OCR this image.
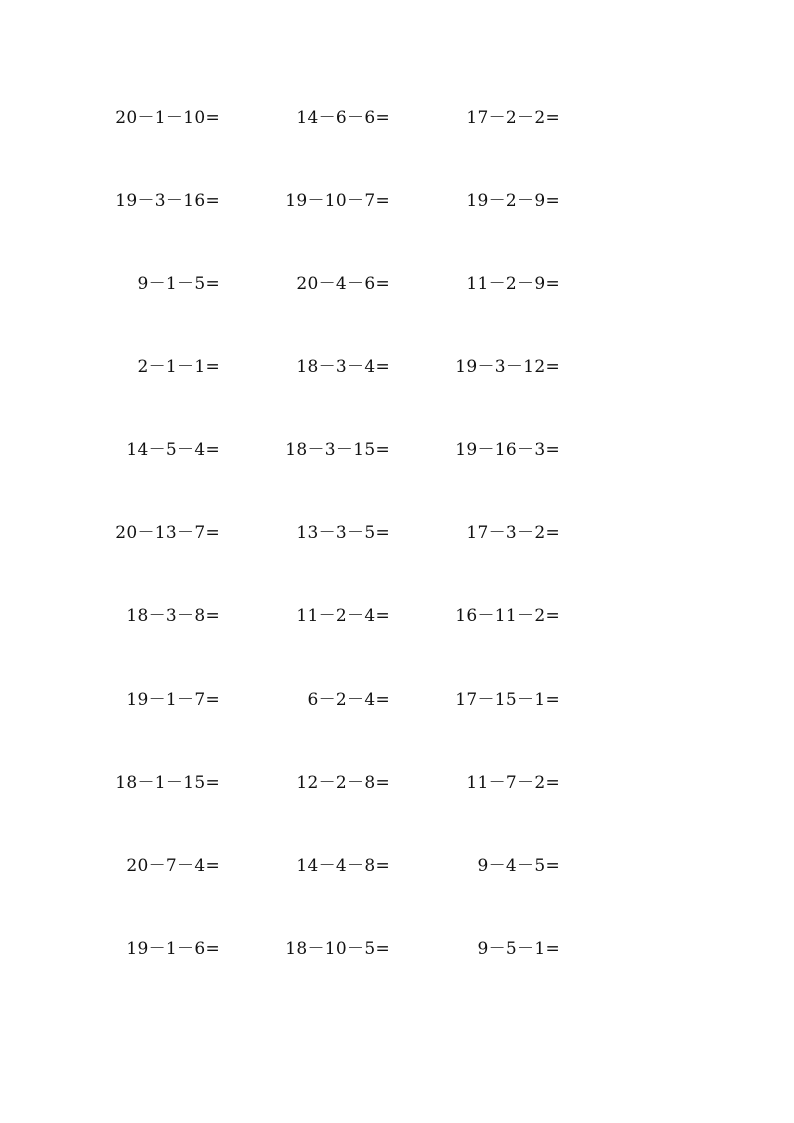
20－1－10=	14－6－6=	17－2－2=
19－3－16=	19－10－7=	19－2－9=
9－1－5=	20－4－6=	11－2－9=
2－1－1=	18－3－4=	19－3－12=
14－5－4=	18－3－15=	19－16－3=
20－13－7=	13－3－5=	17－3－2=
18－3－8=	11－2－4=	16－11－2=
19－1－7=	6－2－4=	17－15－1=
18－1－15=	12－2－8=	11－7－2=
20－7－4=	14－4－8=	9－4－5=
19－1－6=	18－10－5=	9－5－1=
